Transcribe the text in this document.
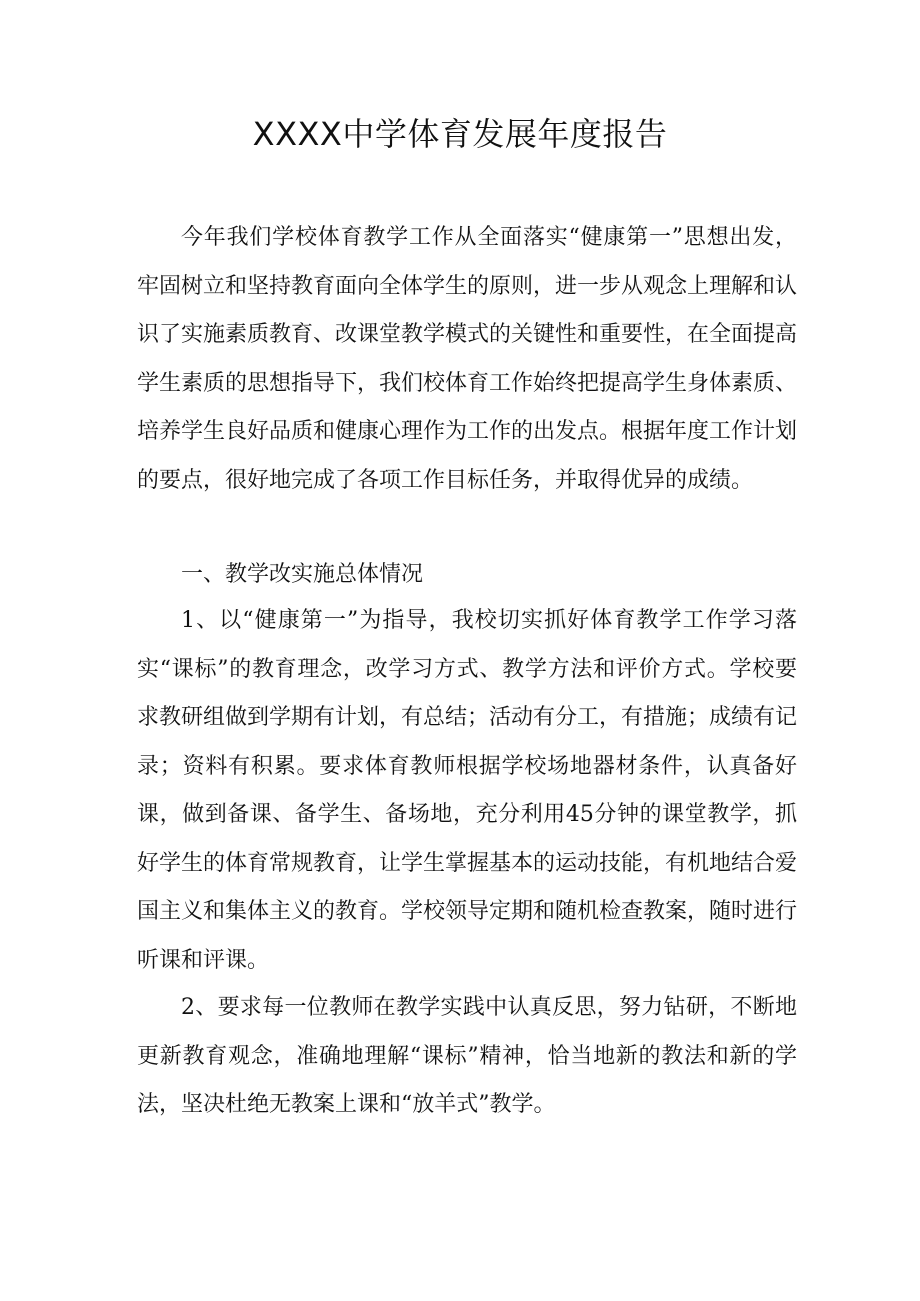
XXXX中学体育发展年度报告

今年我们学校体育教学工作从全面落实“健康第一”思想出发，牢固树立和坚持教育面向全体学生的原则，进一步从观念上理解和认识了实施素质教育、改课堂教学模式的关键性和重要性，在全面提高学生素质的思想指导下，我们校体育工作始终把提高学生身体素质、培养学生良好品质和健康心理作为工作的出发点。根据年度工作计划的要点，很好地完成了各项工作目标任务，并取得优异的成绩。

一、教学改实施总体情况

1、以“健康第一”为指导，我校切实抓好体育教学工作学习落实“课标”的教育理念，改学习方式、教学方法和评价方式。学校要求教研组做到学期有计划，有总结；活动有分工，有措施；成绩有记录；资料有积累。要求体育教师根据学校场地器材条件，认真备好课，做到备课、备学生、备场地，充分利用45分钟的课堂教学，抓好学生的体育常规教育，让学生掌握基本的运动技能，有机地结合爱国主义和集体主义的教育。学校领导定期和随机检查教案，随时进行听课和评课。

2、要求每一位教师在教学实践中认真反思，努力钻研，不断地更新教育观念，准确地理解“课标”精神，恰当地新的教法和新的学法，坚决杜绝无教案上课和“放羊式”教学。
